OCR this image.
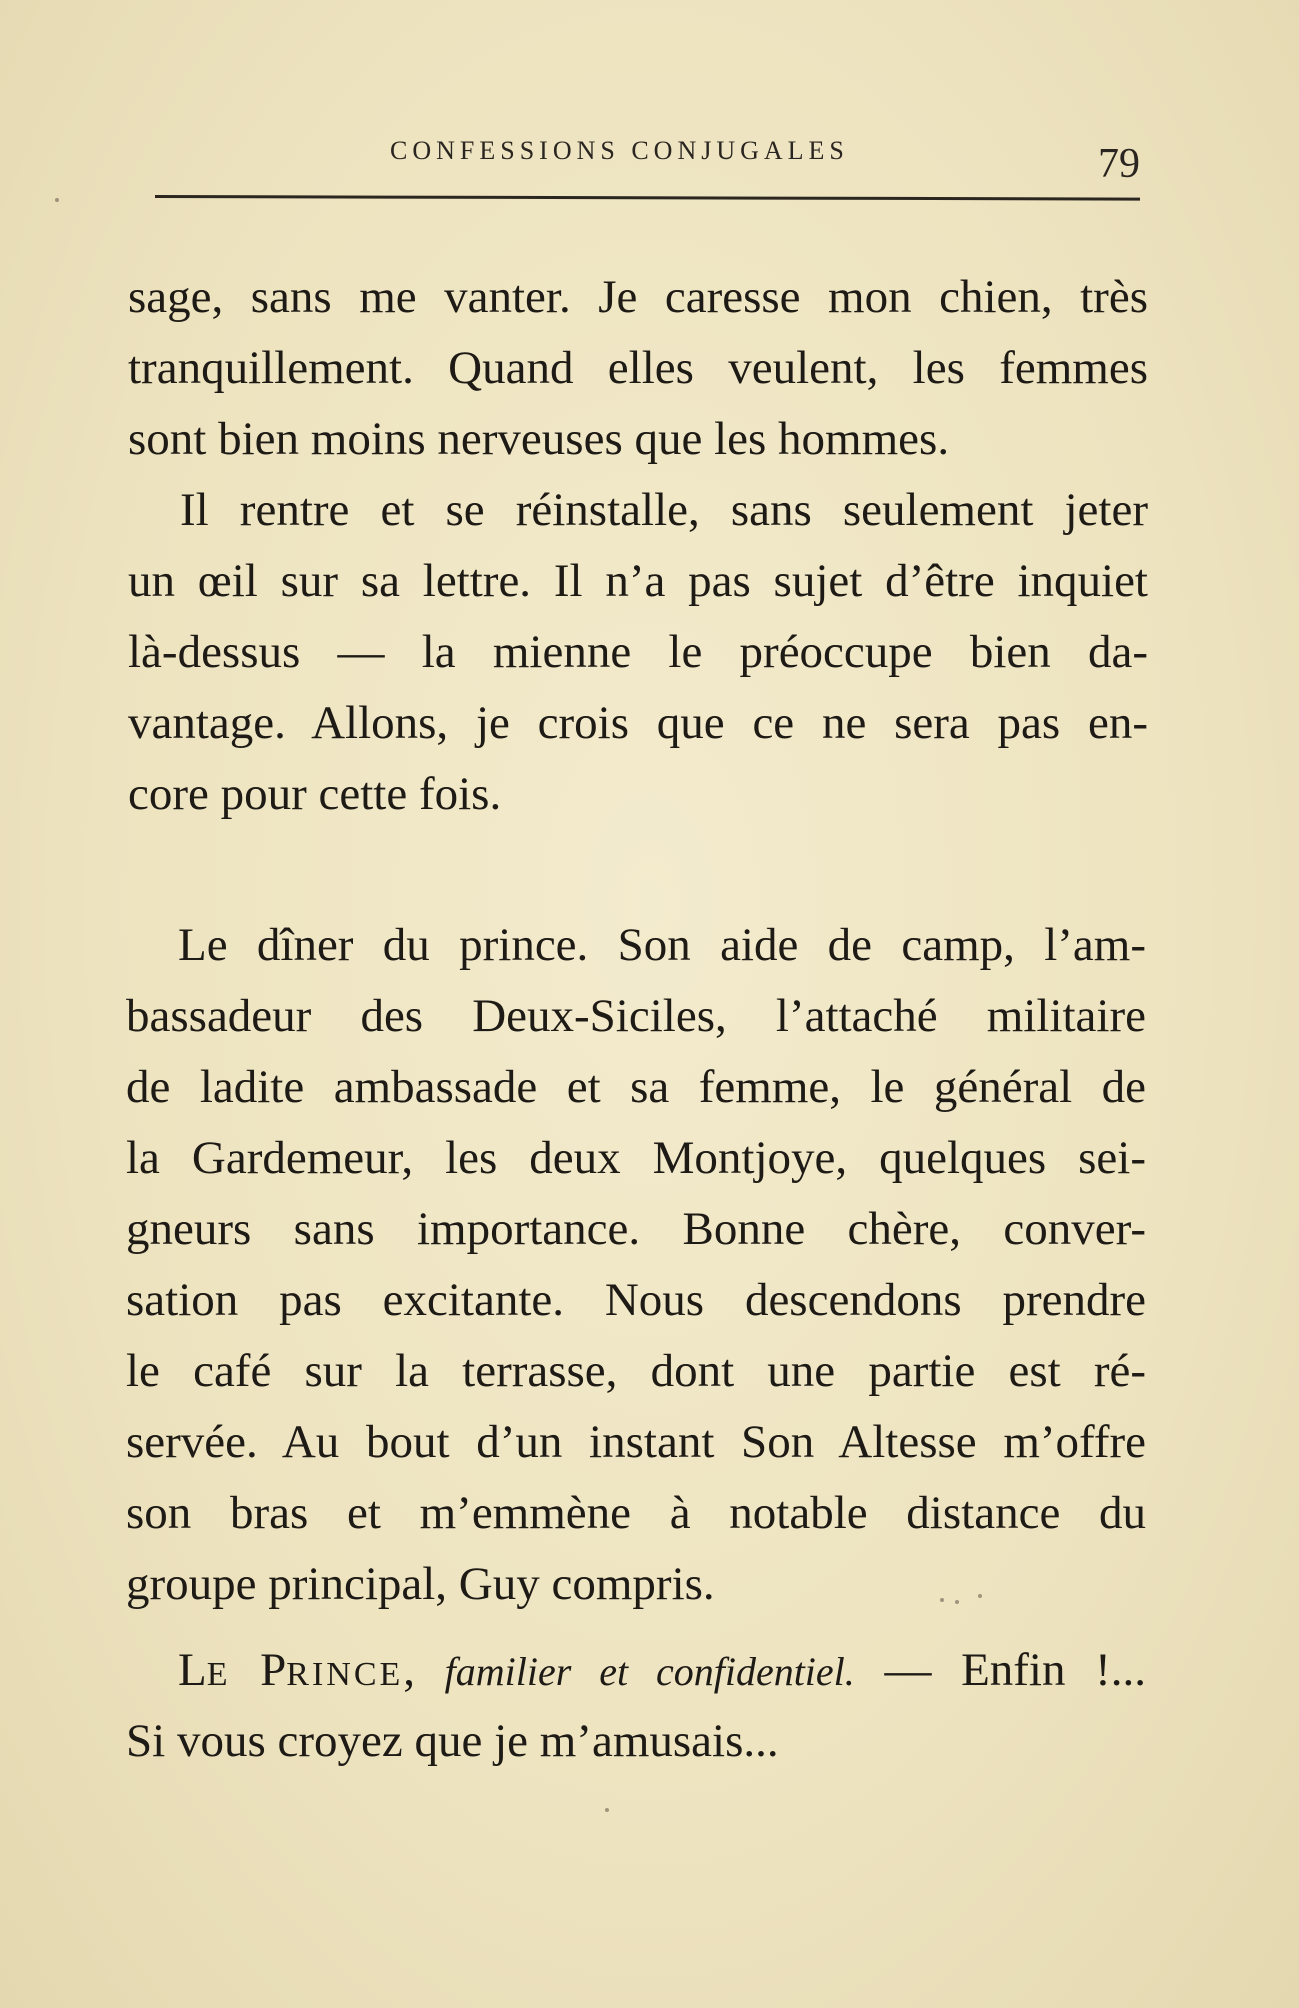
CONFESSIONS CONJUGALES	79
sage, sans me vanter. Je caresse mon chien, très
tranquillement. Quand elles veulent, les femmes
sont bien moins nerveuses que les hommes.
Il rentre et se réinstalle, sans seulement jeter
un œil sur sa lettre. Il n’a pas sujet d’être inquiet
là-dessus — la mienne le préoccupe bien da-
vantage. Allons, je crois que ce ne sera pas en-
core pour cette fois.
Le dîner du prince. Son aide de camp, l’am-
bassadeur des Deux-Siciles, l’attaché militaire
de ladite ambassade et sa femme, le général de
la Gardemeur, les deux Montjoye, quelques sei-
gneurs sans importance. Bonne chère, conver-
sation pas excitante. Nous descendons prendre
le café sur la terrasse, dont une partie est ré-
servée. Au bout d’un instant Son Altesse m’offre
son bras et m’emmène à notable distance du
groupe principal, Guy compris.
LE PRINCE, familier et confidentiel. — Enfin !...
Si vous croyez que je m’amusais...
